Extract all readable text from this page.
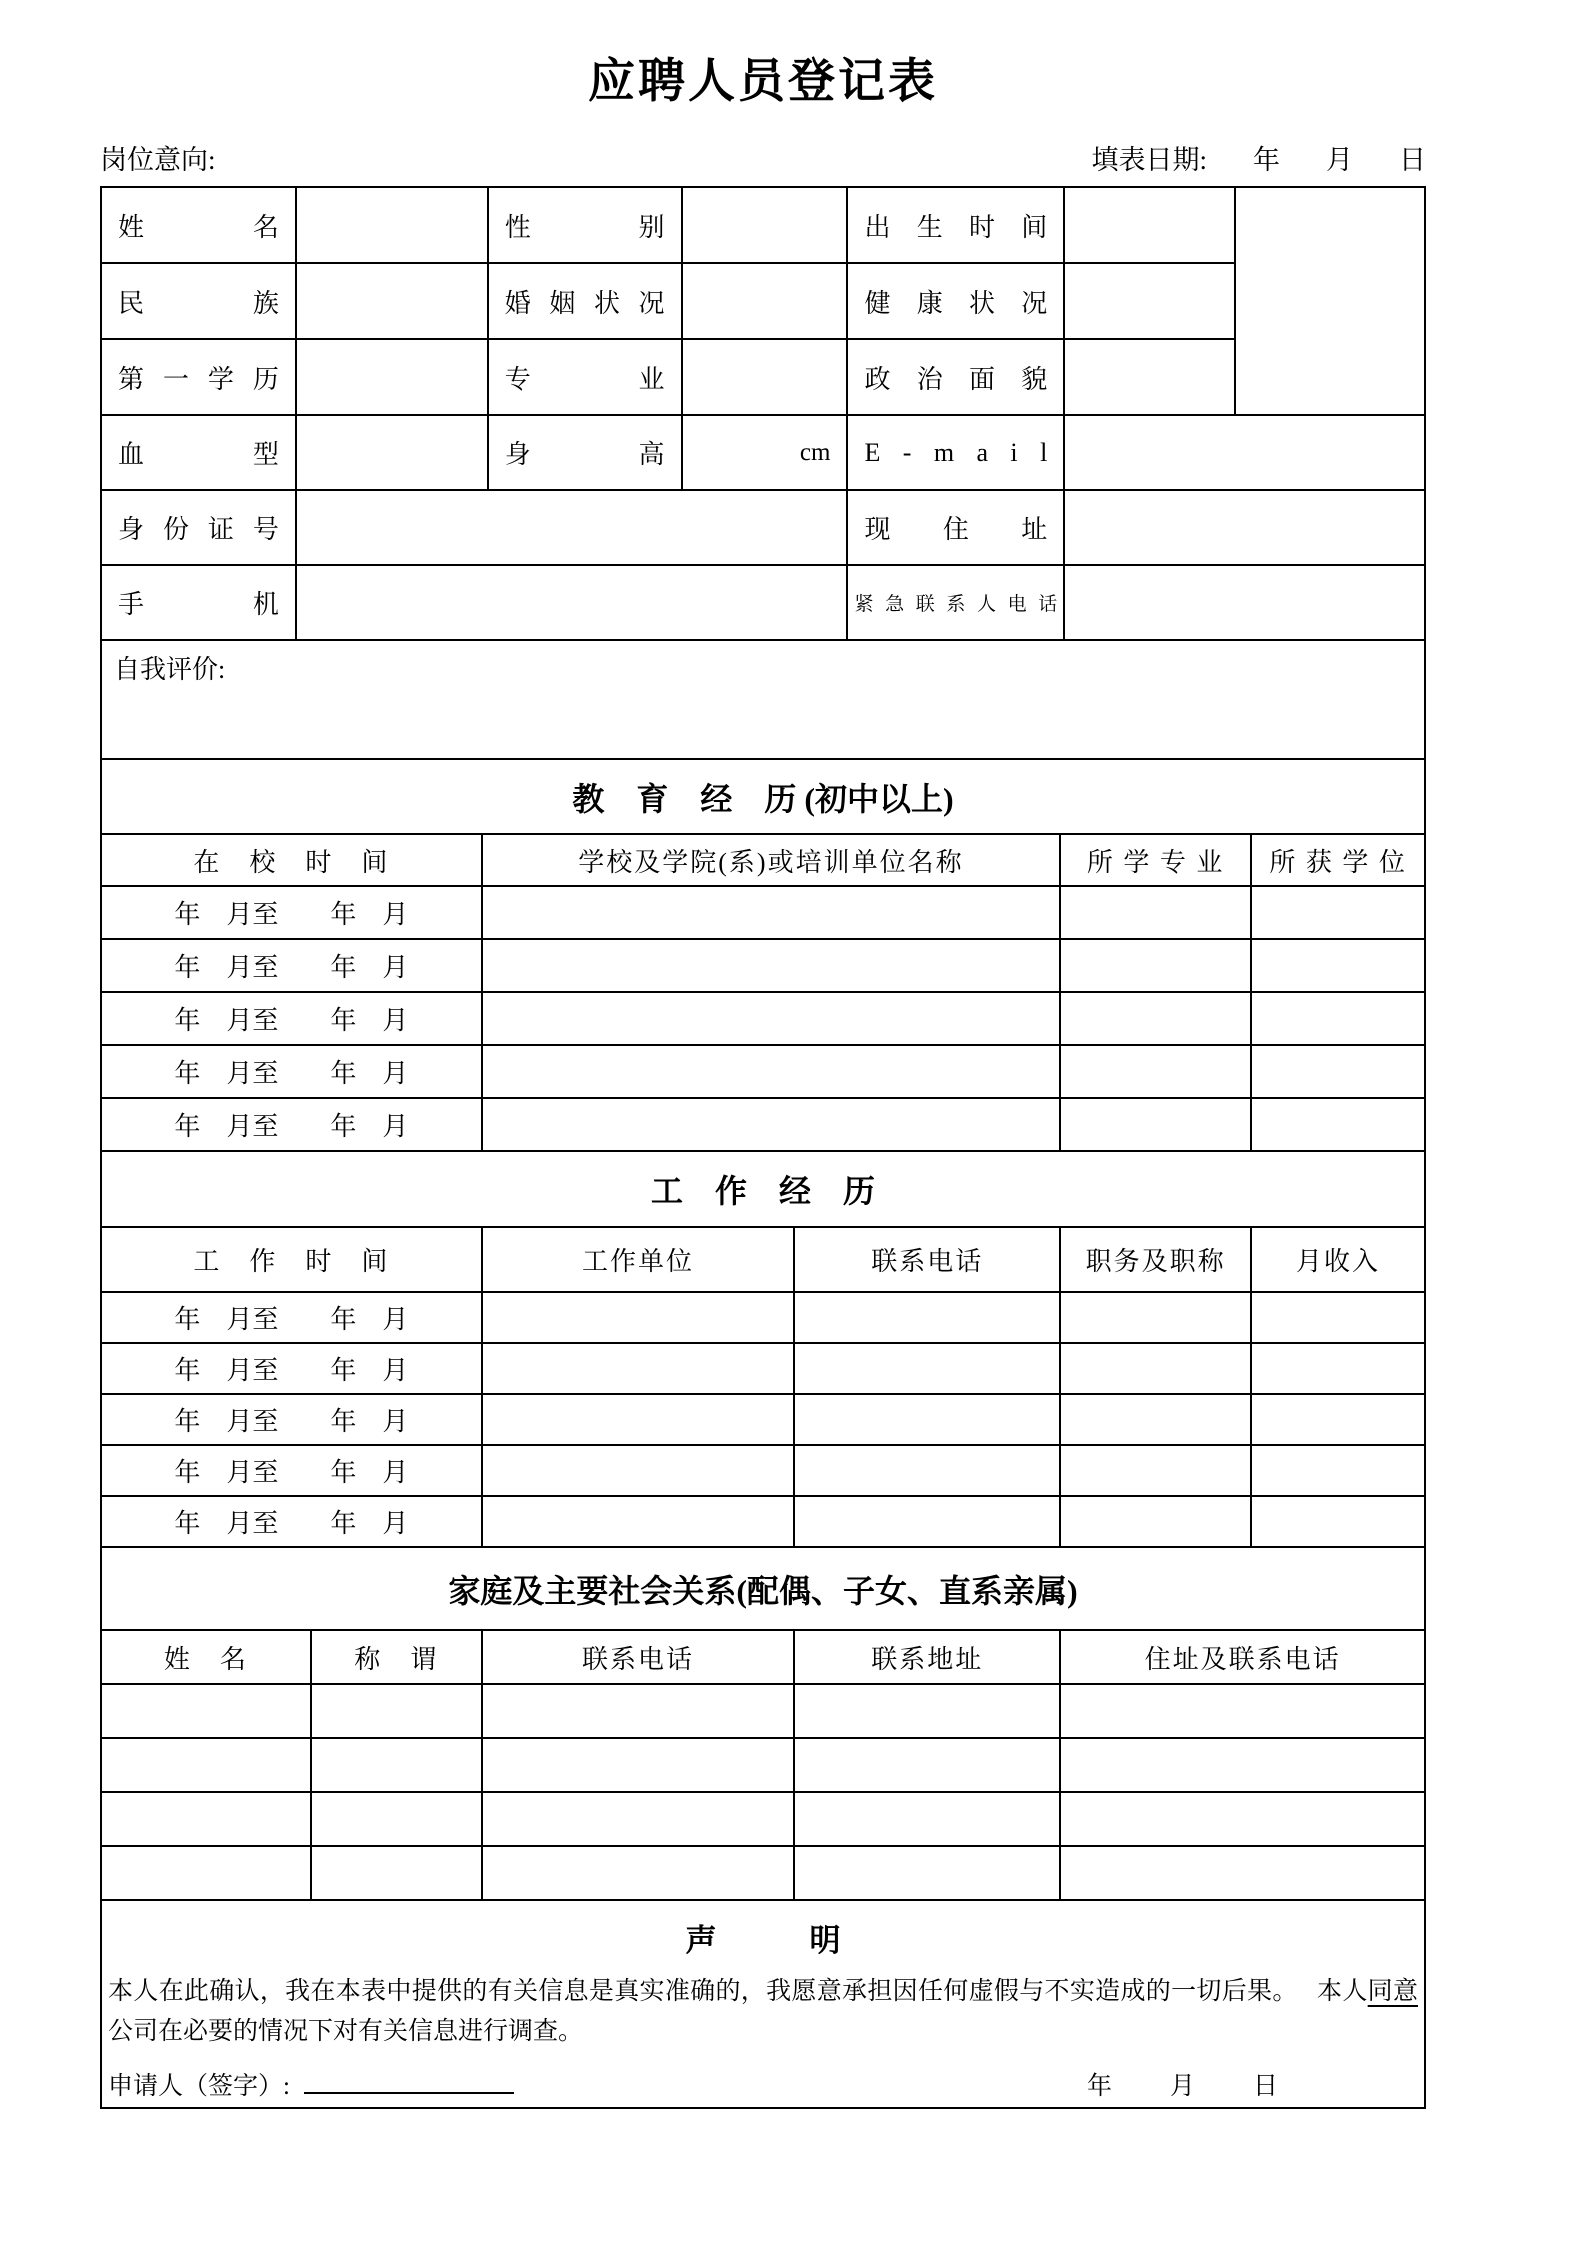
应聘人员登记表
岗位意向:	填表日期: 年 月 日
姓名		性别		出生时间		
民族		婚姻状况		健康状况		
第一学历		专业		政治面貌		
血型		身高	cm	E - m a i l		
身份证号				现住址		
手机				紧急联系人电话		
自我评价:						
教　育　经　历 (初中以上)			
在　校　时　间	学校及学院(系)或培训单位名称	所 学 专 业	所 获 学 位
年　月至　　年　月			
年　月至　　年　月			
年　月至　　年　月			
年　月至　　年　月			
年　月至　　年　月			
工　作　经　历				
工　作　时　间	工作单位	联系电话	职务及职称	月收入
年　月至　　年　月				
年　月至　　年　月				
年　月至　　年　月				
年　月至　　年　月				
年　月至　　年　月				
家庭及主要社会关系(配偶、子女、直系亲属)				
姓　名	称　谓	联系电话	联系地址	住址及联系电话

声　　　明
本人在此确认，我在本表中提供的有关信息是真实准确的，我愿意承担因任何虚假与不实造成的一切后果。　 本人同意公司在必要的情况下对有关信息进行调查。
申请人（签字）:	年 月 日
